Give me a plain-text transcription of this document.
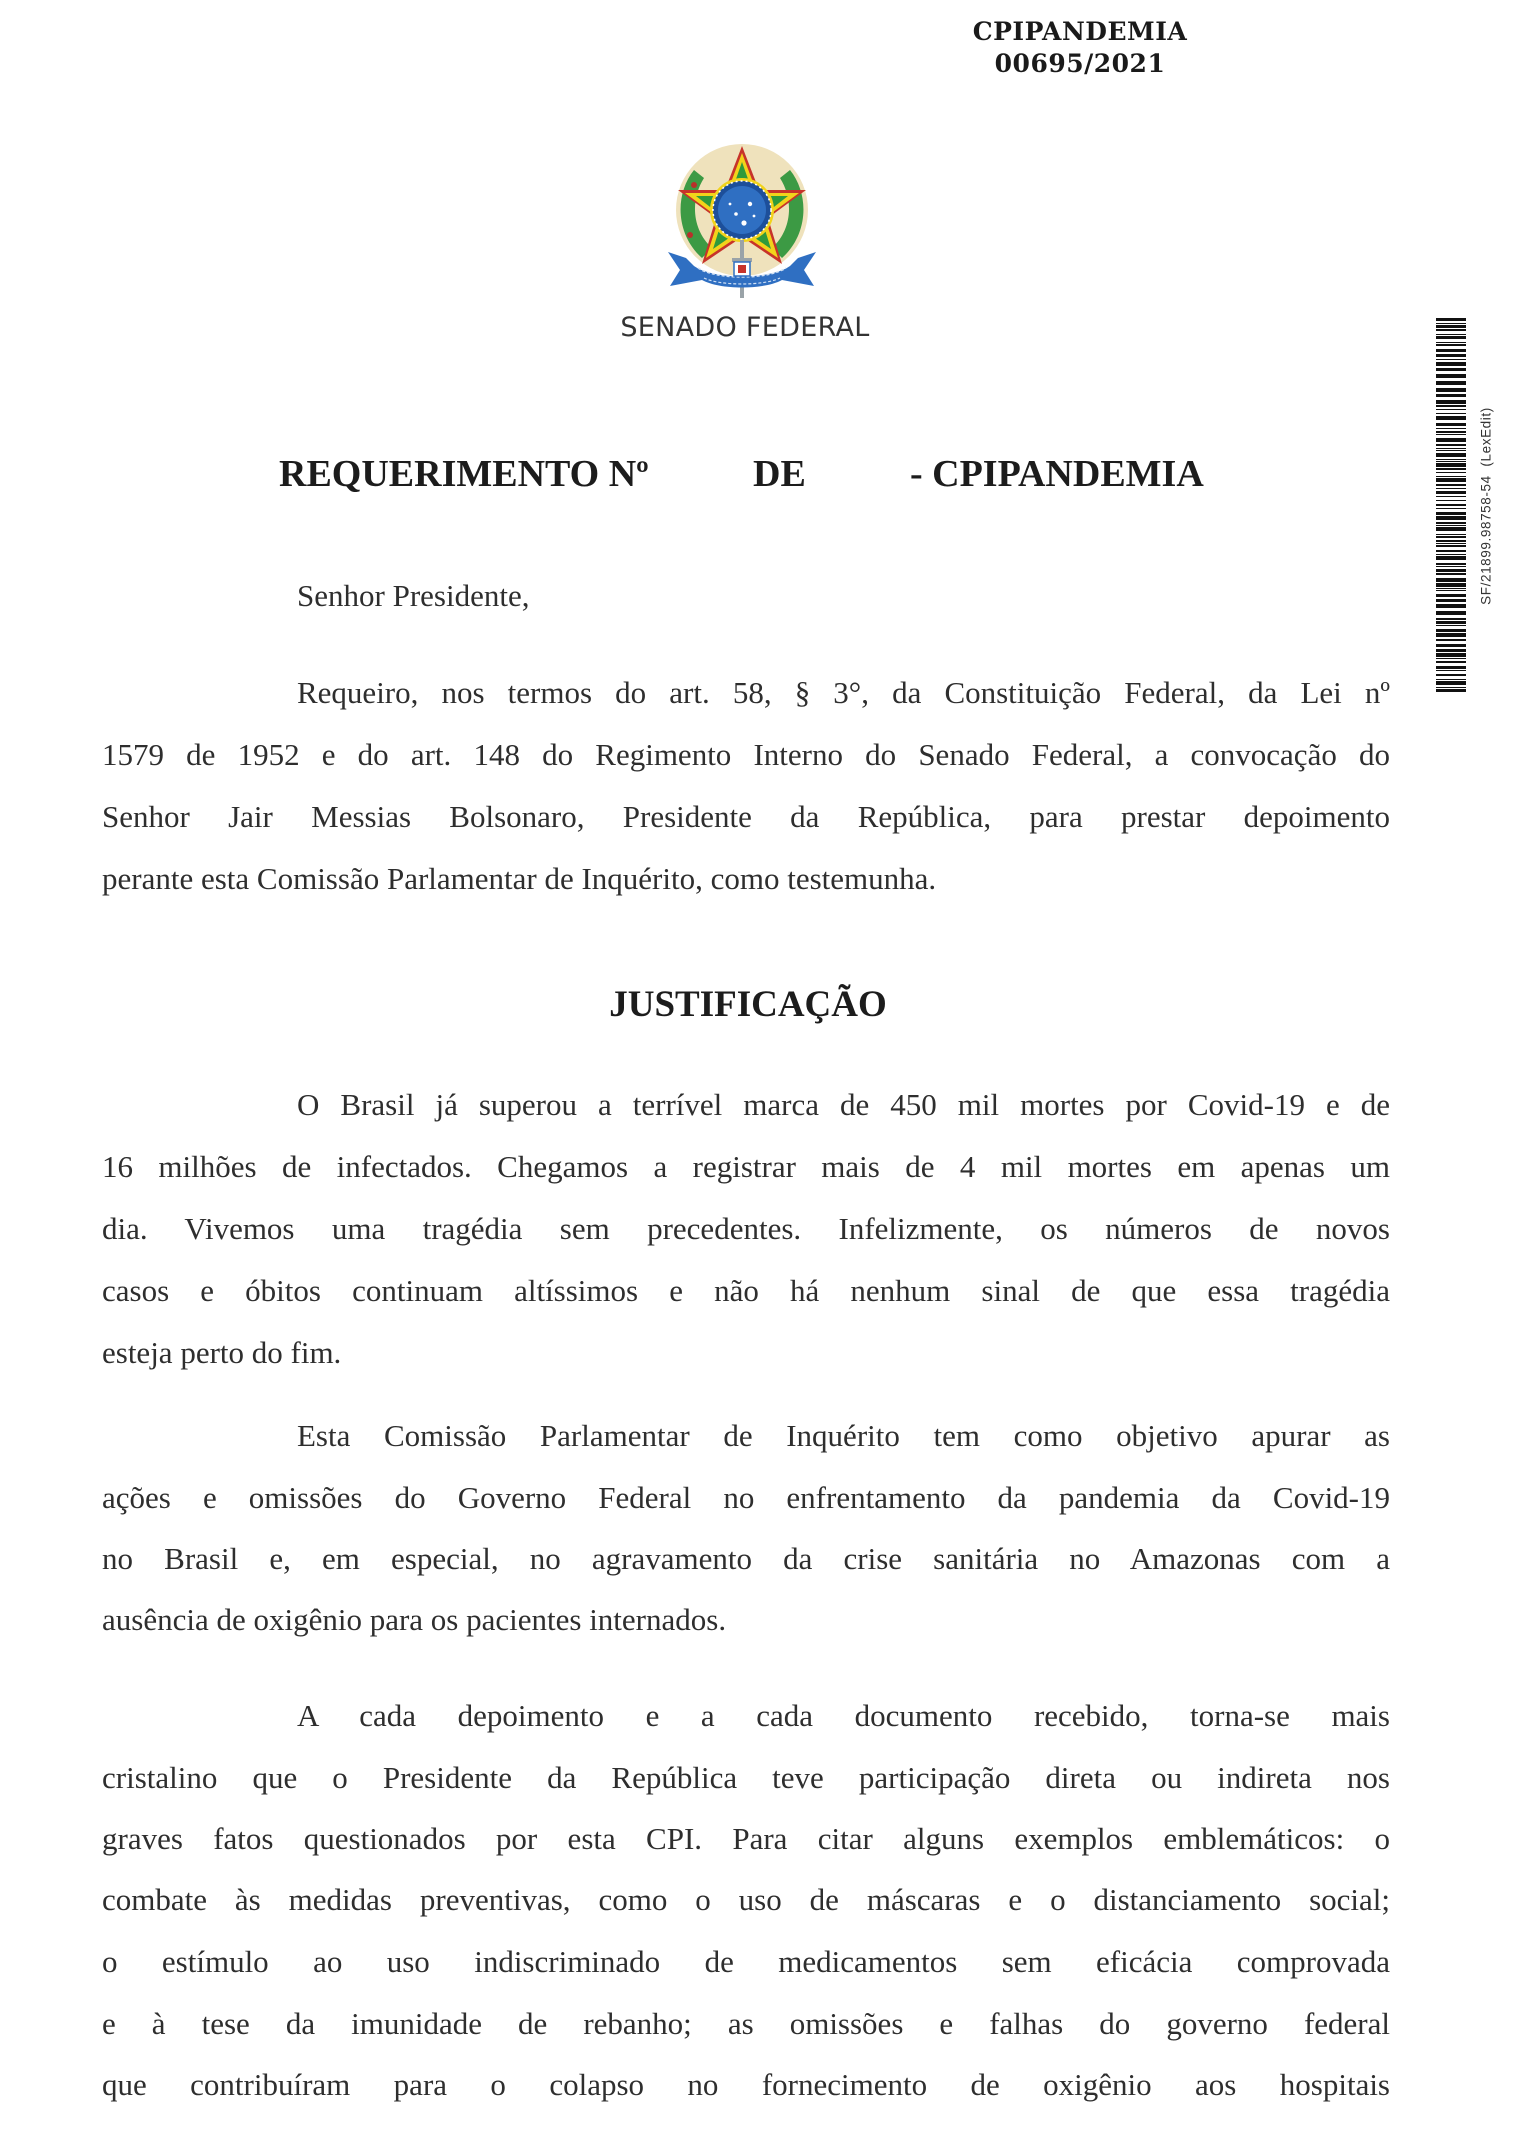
CPIPANDEMIA
00695/2021
SENADO FEDERAL
REQUERIMENTO Nº	DE	- CPIPANDEMIA
Senhor Presidente,
Requeiro, nos termos do art. 58, § 3°, da Constituição Federal, da Lei nº
1579 de 1952 e do art. 148 do Regimento Interno do Senado Federal, a convocação do
Senhor Jair Messias Bolsonaro, Presidente da República, para prestar depoimento
perante esta Comissão Parlamentar de Inquérito, como testemunha.
JUSTIFICAÇÃO
O Brasil já superou a terrível marca de 450 mil mortes por Covid-19 e de
16 milhões de infectados. Chegamos a registrar mais de 4 mil mortes em apenas um
dia. Vivemos uma tragédia sem precedentes. Infelizmente, os números de novos
casos e óbitos continuam altíssimos e não há nenhum sinal de que essa tragédia
esteja perto do fim.
Esta Comissão Parlamentar de Inquérito tem como objetivo apurar as
ações e omissões do Governo Federal no enfrentamento da pandemia da Covid-19
no Brasil e, em especial, no agravamento da crise sanitária no Amazonas com a
ausência de oxigênio para os pacientes internados.
A cada depoimento e a cada documento recebido, torna-se mais
cristalino que o Presidente da República teve participação direta ou indireta nos
graves fatos questionados por esta CPI. Para citar alguns exemplos emblemáticos: o
combate às medidas preventivas, como o uso de máscaras e o distanciamento social;
o estímulo ao uso indiscriminado de medicamentos sem eficácia comprovada
e à tese da imunidade de rebanho; as omissões e falhas do governo federal
que contribuíram para o colapso no fornecimento de oxigênio aos hospitais
SF/21899.98758-54  (LexEdit)
